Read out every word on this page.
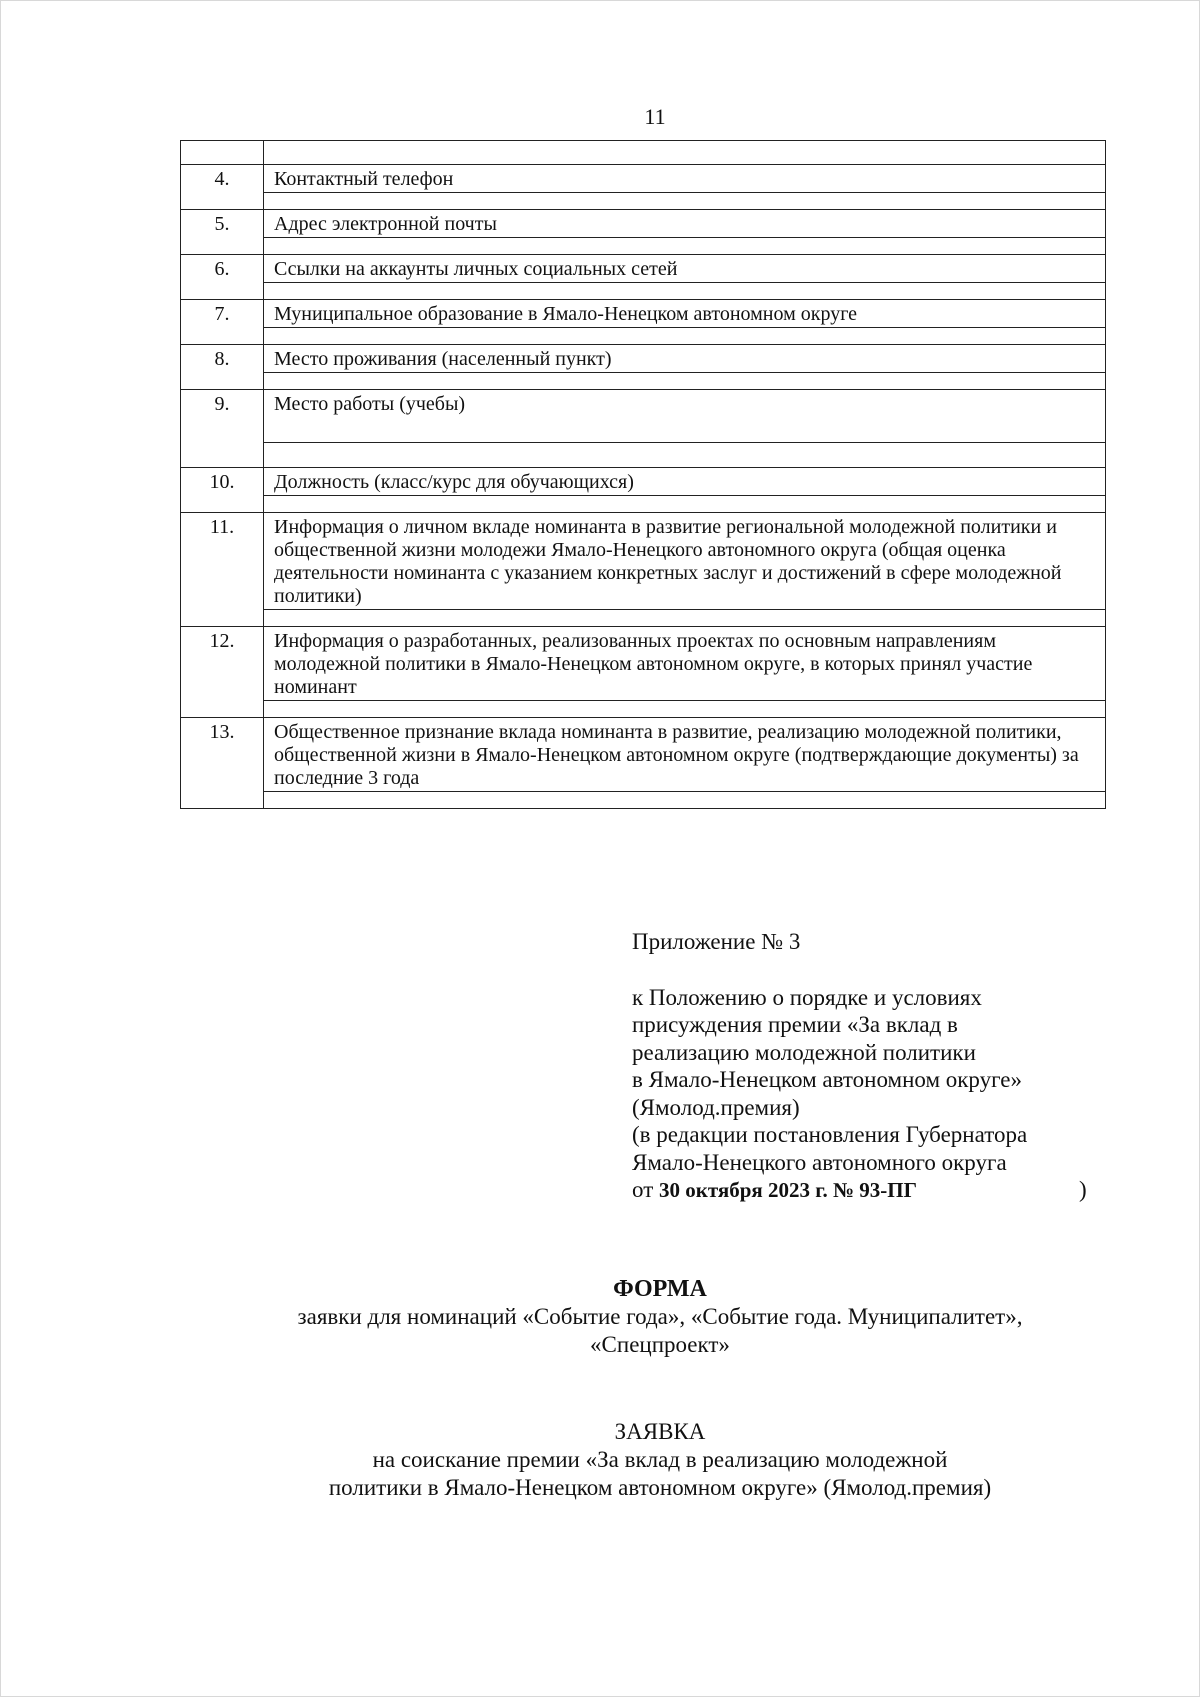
11

4.	Контактный телефон

5.	Адрес электронной почты

6.	Ссылки на аккаунты личных социальных сетей

7.	Муниципальное образование в Ямало-Ненецком автономном округе

8.	Место проживания (населенный пункт)

9.	Место работы (учебы)

10.	Должность (класс/курс для обучающихся)

11.	Информация о личном вкладе номинанта в развитие региональной молодежной политики и общественной жизни молодежи Ямало-Ненецкого автономного округа (общая оценка деятельности номинанта с указанием конкретных заслуг и достижений в сфере молодежной политики)

12.	Информация о разработанных, реализованных проектах по основным направлениям молодежной политики в Ямало-Ненецком автономном округе, в которых принял участие номинант

13.	Общественное признание вклада номинанта в развитие, реализацию молодежной политики, общественной жизни в Ямало-Ненецком автономном округе (подтверждающие документы) за последние 3 года

Приложение № 3
к Положению о порядке и условиях
присуждения премии «За вклад в
реализацию молодежной политики
в Ямало-Ненецком автономном округе»
(Ямолод.премия)
(в редакции постановления Губернатора
Ямало-Ненецкого автономного округа
от 30 октября 2023 г. № 93-ПГ	)
ФОРМА
заявки для номинаций «Событие года», «Событие года. Муниципалитет»,
«Спецпроект»
ЗАЯВКА
на соискание премии «За вклад в реализацию молодежной
политики в Ямало-Ненецком автономном округе» (Ямолод.премия)
